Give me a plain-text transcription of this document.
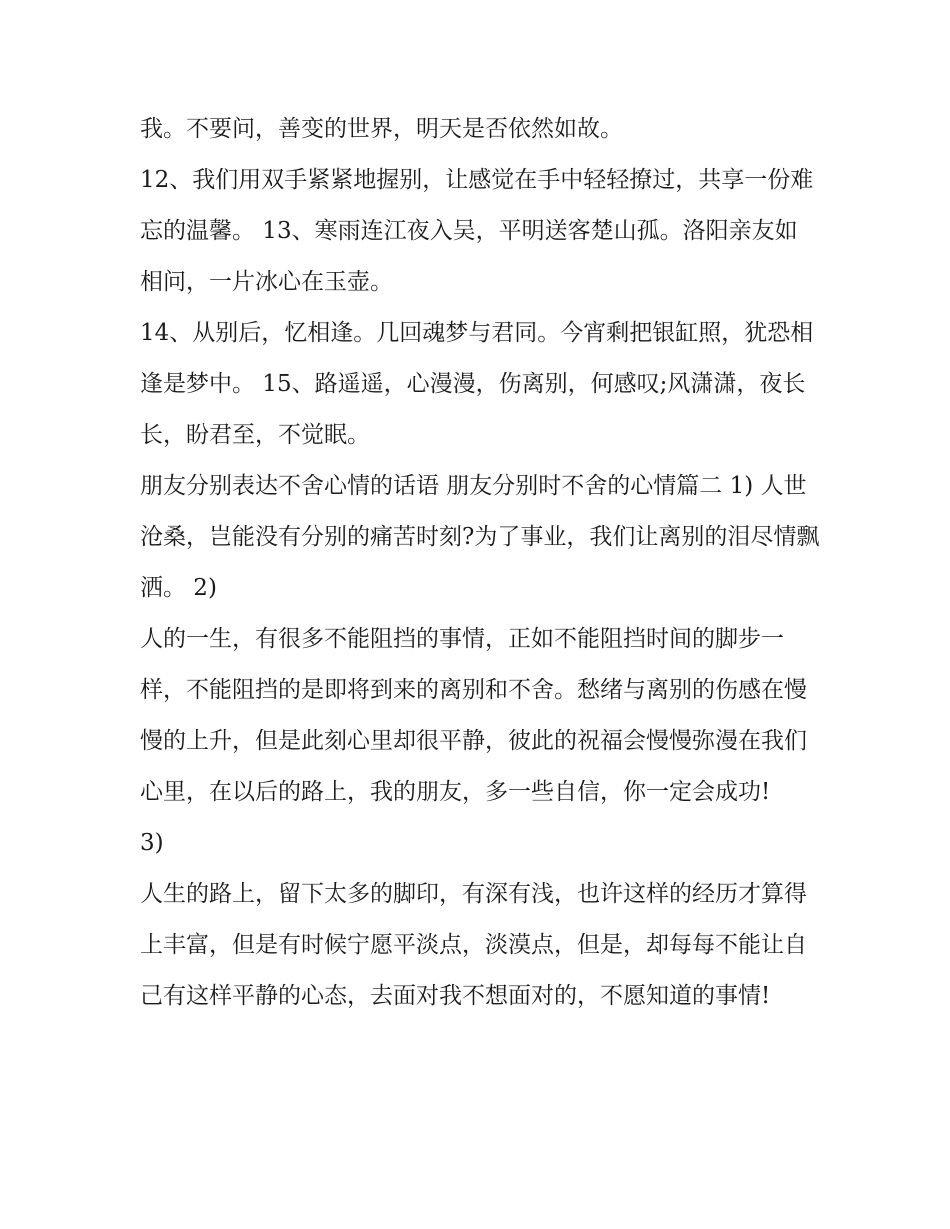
我。不要问，善变的世界，明天是否依然如故。

12、我们用双手紧紧地握别，让感觉在手中轻轻撩过，共享一份难忘的温馨。 13、寒雨连江夜入吴，平明送客楚山孤。洛阳亲友如相问，一片冰心在玉壶。

14、从别后，忆相逢。几回魂梦与君同。今宵剩把银缸照，犹恐相逢是梦中。 15、路遥遥，心漫漫，伤离别，何感叹;风潇潇，夜长长，盼君至，不觉眠。

朋友分别表达不舍心情的话语 朋友分别时不舍的心情篇二 1) 人世沧桑，岂能没有分别的痛苦时刻?为了事业，我们让离别的泪尽情飘洒。 2)

人的一生，有很多不能阻挡的事情，正如不能阻挡时间的脚步一样，不能阻挡的是即将到来的离别和不舍。愁绪与离别的伤感在慢慢的上升，但是此刻心里却很平静，彼此的祝福会慢慢弥漫在我们心里，在以后的路上，我的朋友，多一些自信，你一定会成功!

3)

人生的路上，留下太多的脚印，有深有浅，也许这样的经历才算得上丰富，但是有时候宁愿平淡点，淡漠点，但是，却每每不能让自己有这样平静的心态，去面对我不想面对的，不愿知道的事情!
